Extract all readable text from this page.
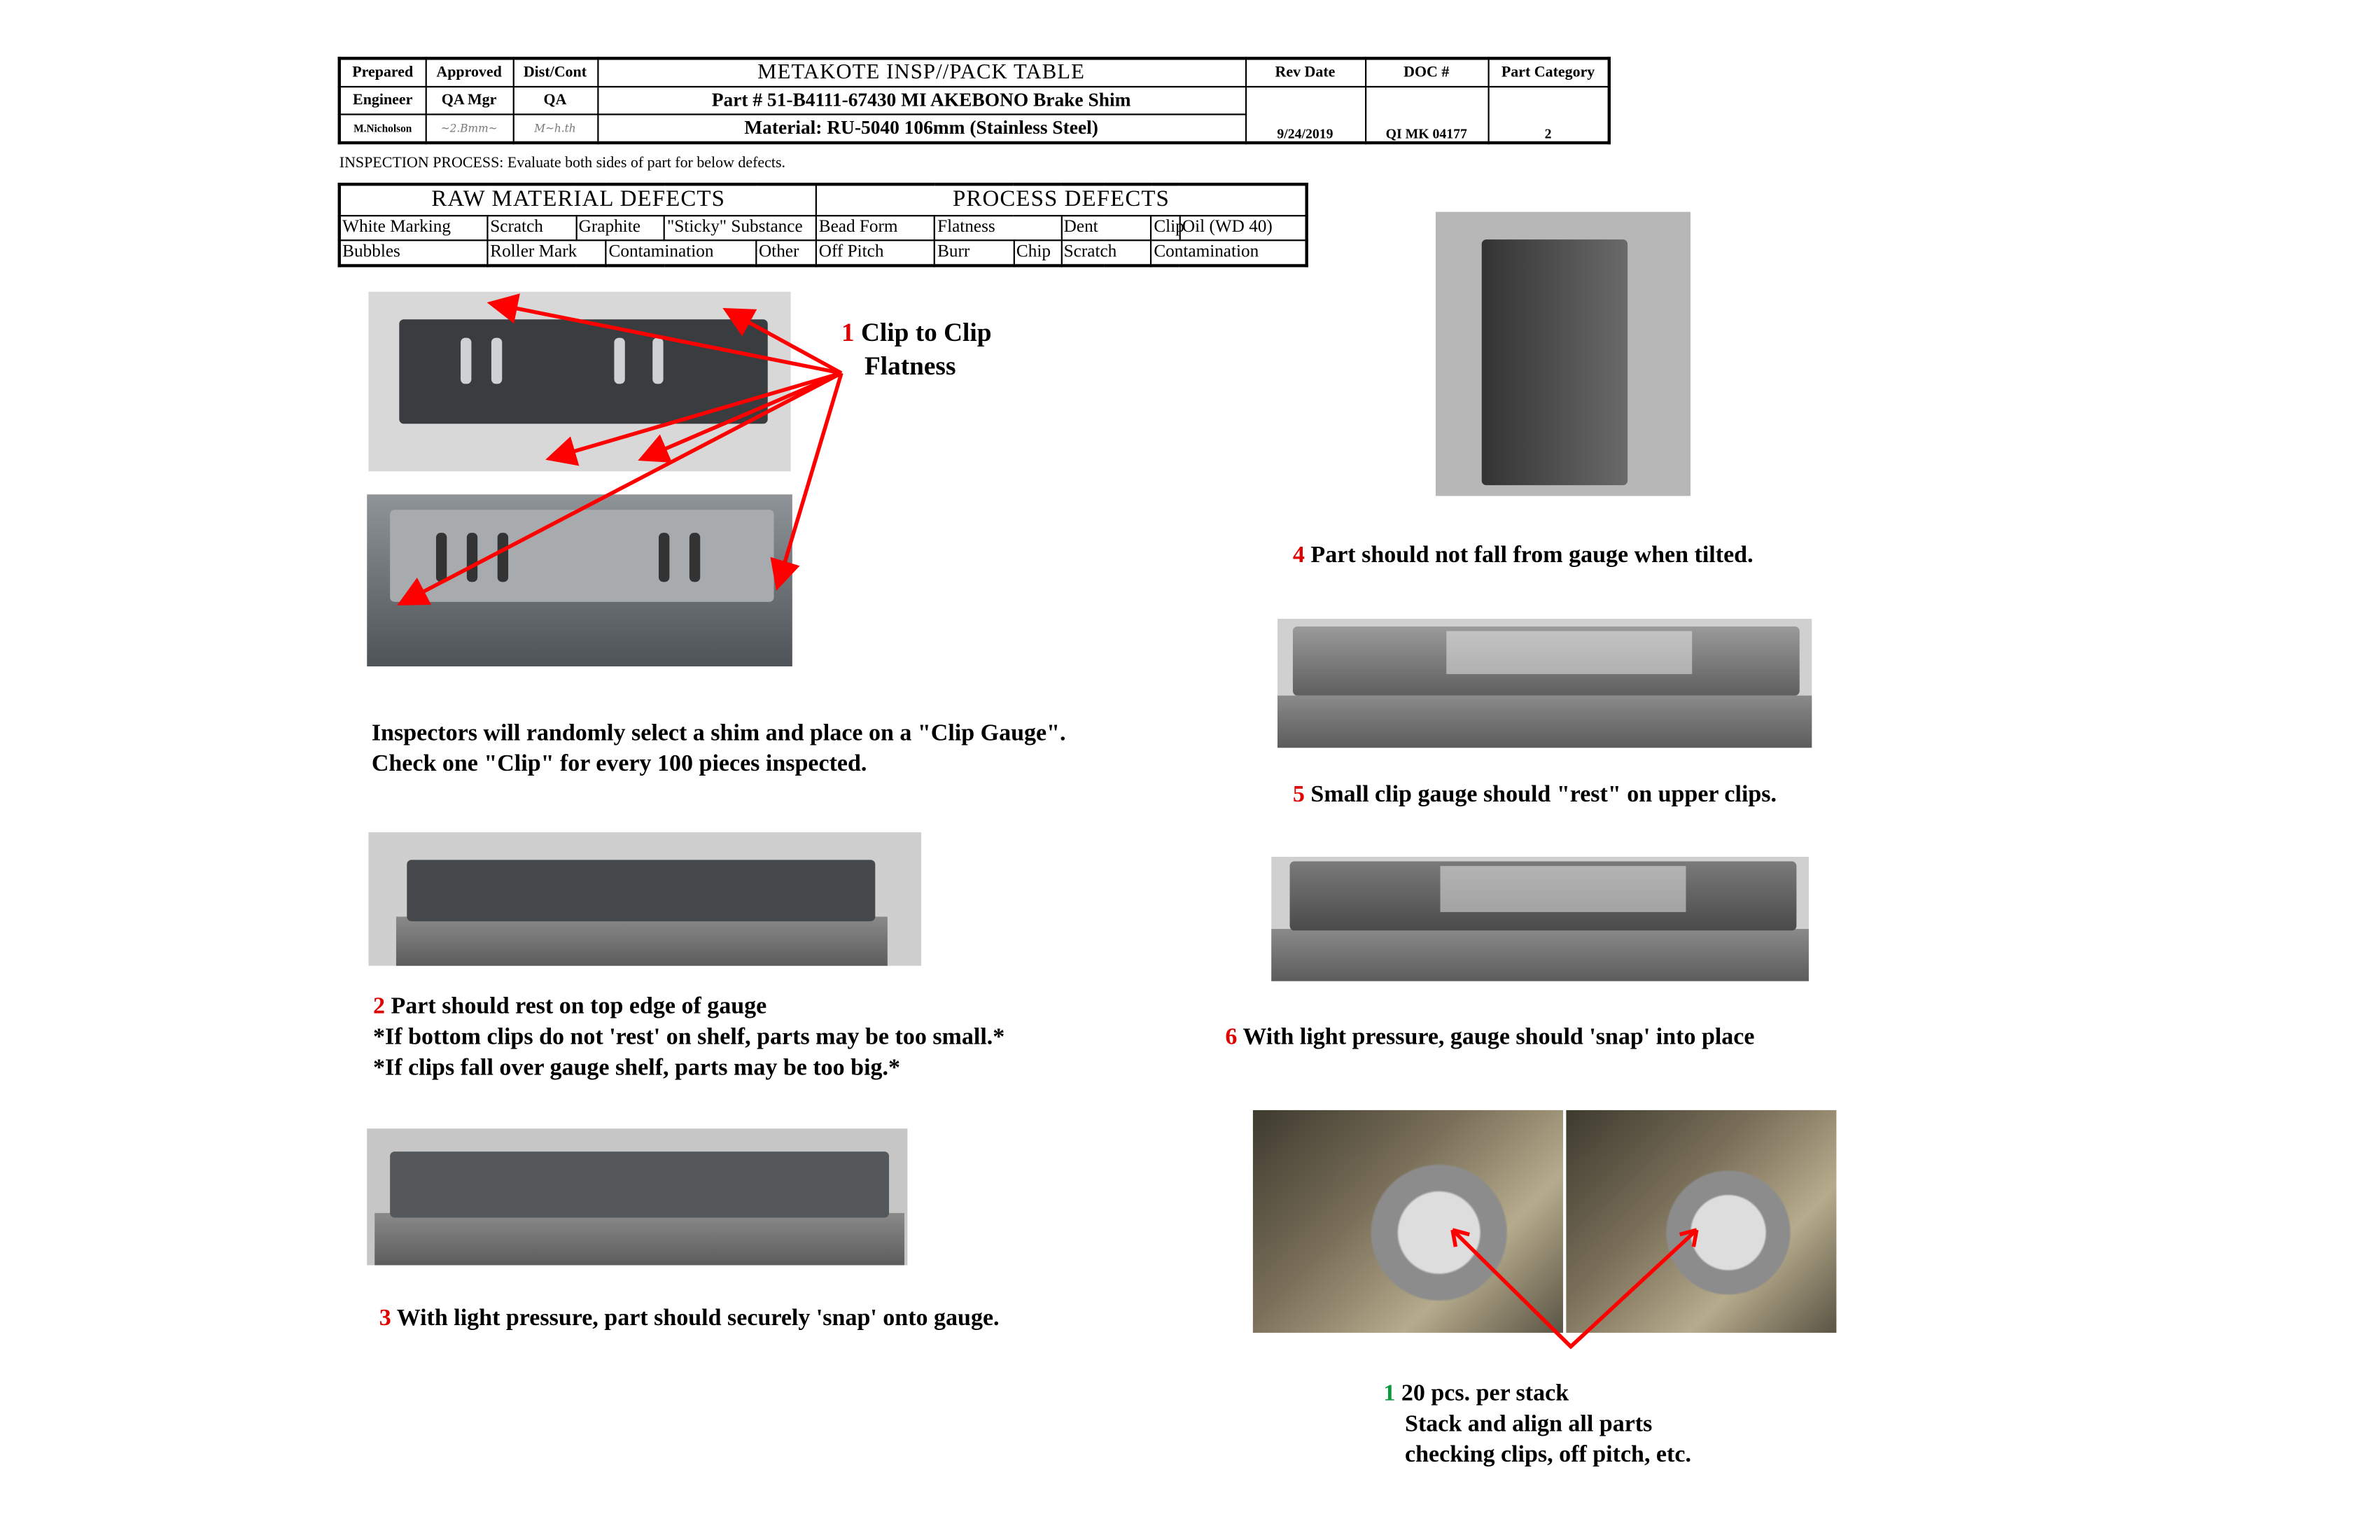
Prepared	Approved	Dist/Cont	METAKOTE INSP//PACK TABLE	Rev Date	DOC #	Part Category
Engineer	QA Mgr	QA	Part # 51-B4111-67430 MI AKEBONO Brake Shim	9/24/2019	QI MK 04177	2
M.Nicholson	~2.Bmm~	M~h.th	Material: RU-5040 106mm (Stainless Steel)			
INSPECTION PROCESS: Evaluate both sides of part for below defects.
RAW MATERIAL DEFECTS						PROCESS DEFECTS					
White Marking	Scratch	Graphite		"Sticky" Substance		Bead Form	Flatness		Dent	Clip	Oil (WD 40)
Bubbles	Roller Mark		Contamination		Other	Off Pitch	Burr	Chip	Scratch	Contamination	
1 Clip to Clip
Flatness
Inspectors will randomly select a shim and place on a "Clip Gauge".
Check one "Clip" for every 100 pieces inspected.
2 Part should rest on top edge of gauge
*If bottom clips do not 'rest' on shelf, parts may be too small.*
*If clips fall over gauge shelf, parts may be too big.*
3 With light pressure, part should securely 'snap' onto gauge.
4 Part should not fall from gauge when tilted.
5 Small clip gauge should "rest" on upper clips.
6 With light pressure, gauge should 'snap' into place
1 20 pcs. per stack
Stack and align all parts
checking clips, off pitch, etc.
